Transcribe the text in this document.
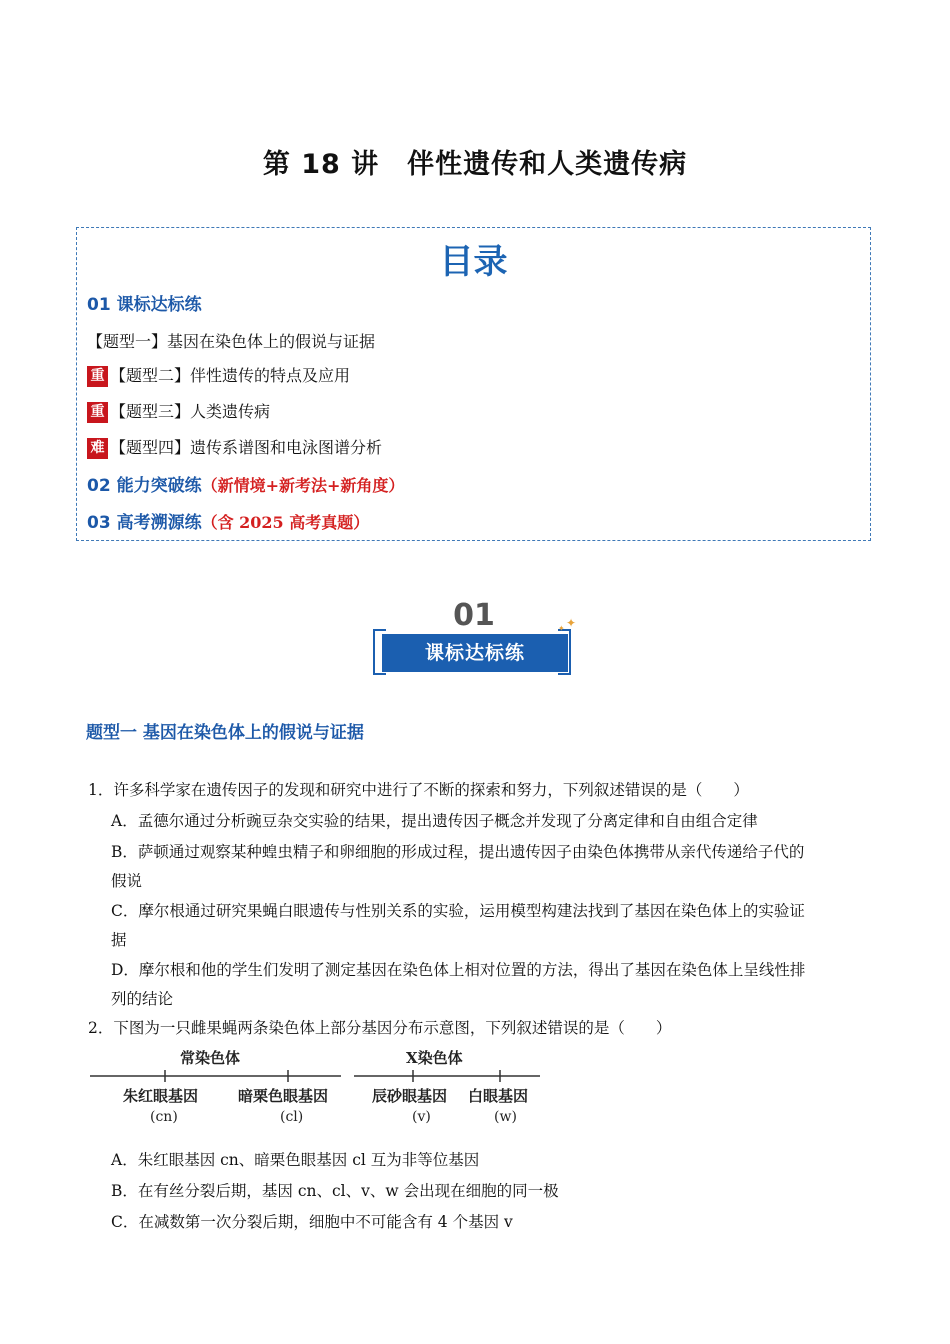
第 18 讲　伴性遗传和人类遗传病
目录
01 课标达标练
【题型一】基因在染色体上的假说与证据
重 【题型二】伴性遗传的特点及应用
重 【题型三】人类遗传病
难 【题型四】遗传系谱图和电泳图谱分析
02 能力突破练（新情境+新考法+新角度）
03 高考溯源练（含 2025 高考真题）
01
课标达标练
✦
✦
题型一 基因在染色体上的假说与证据
1．许多科学家在遗传因子的发现和研究中进行了不断的探索和努力，下列叙述错误的是（　　）
A．孟德尔通过分析豌豆杂交实验的结果，提出遗传因子概念并发现了分离定律和自由组合定律
B．萨顿通过观察某种蝗虫精子和卵细胞的形成过程，提出遗传因子由染色体携带从亲代传递给子代的
假说
C．摩尔根通过研究果蝇白眼遗传与性别关系的实验，运用模型构建法找到了基因在染色体上的实验证
据
D．摩尔根和他的学生们发明了测定基因在染色体上相对位置的方法，得出了基因在染色体上呈线性排
列的结论
2．下图为一只雌果蝇两条染色体上部分基因分布示意图，下列叙述错误的是（　　）
常染色体	X染色体
朱红眼基因
(cn)
暗栗色眼基因
(cl)
辰砂眼基因
(v)
白眼基因
(w)
A．朱红眼基因 cn、暗栗色眼基因 cl 互为非等位基因
B．在有丝分裂后期，基因 cn、cl、v、w 会出现在细胞的同一极
C．在减数第一次分裂后期，细胞中不可能含有 4 个基因 v
